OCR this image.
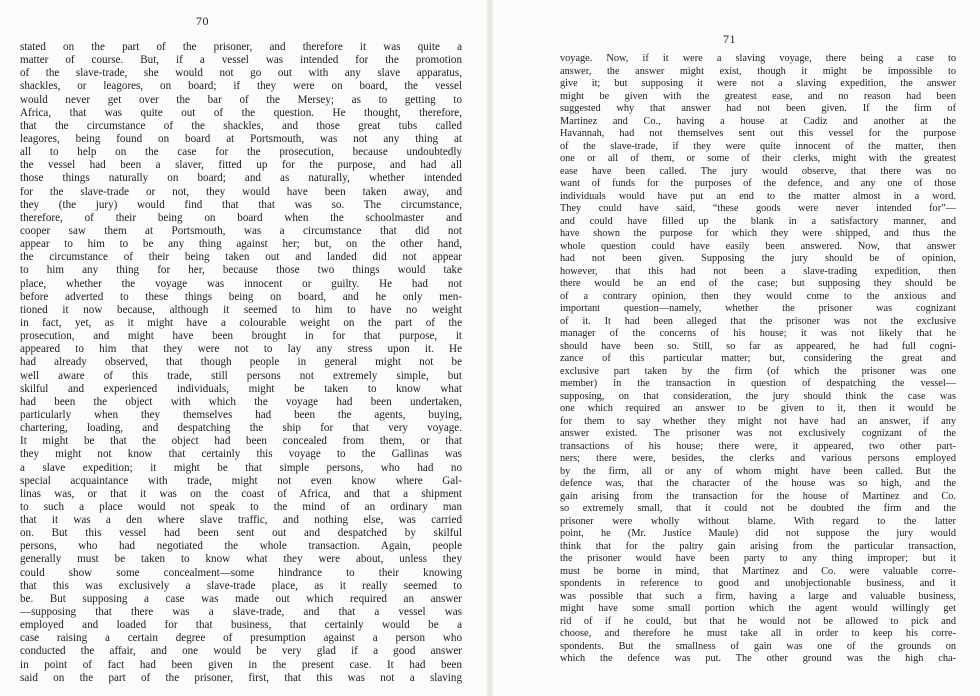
70
stated on the part of the prisoner, and therefore it was quite a
matter of course. But, if a vessel was intended for the promotion
of the slave-trade, she would not go out with any slave apparatus,
shackles, or leagores, on board; if they were on board, the vessel
would never get over the bar of the Mersey; as to getting to
Africa, that was quite out of the question. He thought, therefore,
that the circumstance of the shackles, and those great tubs called
leagores, being found on board at Portsmouth, was not any thing at
all to help on the case for the prosecution, because undoubtedly
the vessel had been a slaver, fitted up for the purpose, and had all
those things naturally on board; and as naturally, whether intended
for the slave-trade or not, they would have been taken away, and
they (the jury) would find that that was so. The circumstance,
therefore, of their being on board when the schoolmaster and
cooper saw them at Portsmouth, was a circumstance that did not
appear to him to be any thing against her; but, on the other hand,
the circumstance of their being taken out and landed did not appear
to him any thing for her, because those two things would take
place, whether the voyage was innocent or guilty. He had not
before adverted to these things being on board, and he only men-
tioned it now because, although it seemed to him to have no weight
in fact, yet, as it might have a colourable weight on the part of the
prosecution, and might have been brought in for that purpose, it
appeared to him that they were not to lay any stress upon it. He
had already observed, that though people in general might not be
well aware of this trade, still persons not extremely simple, but
skilful and experienced individuals, might be taken to know what
had been the object with which the voyage had been undertaken,
particularly when they themselves had been the agents, buying,
chartering, loading, and despatching the ship for that very voyage.
It might be that the object had been concealed from them, or that
they might not know that certainly this voyage to the Gallinas was
a slave expedition; it might be that simple persons, who had no
special acquaintance with trade, might not even know where Gal-
linas was, or that it was on the coast of Africa, and that a shipment
to such a place would not speak to the mind of an ordinary man
that it was a den where slave traffic, and nothing else, was carried
on. But this vessel had been sent out and despatched by skilful
persons, who had negotiated the whole transaction. Again, people
generally must be taken to know what they were about, unless they
could show some concealment—some hindrance to their knowing
that this was exclusively a slave-trade place, as it really seemed to
be. But supposing a case was made out which required an answer
—supposing that there was a slave-trade, and that a vessel was
employed and loaded for that business, that certainly would be a
case raising a certain degree of presumption against a person who
conducted the affair, and one would be very glad if a good answer
in point of fact had been given in the present case. It had been
said on the part of the prisoner, first, that this was not a slaving
71
voyage. Now, if it were a slaving voyage, there being a case to
answer, the answer might exist, though it might be impossible to
give it; but supposing it were not a slaving expedition, the answer
might be given with the greatest ease, and no reason had been
suggested why that answer had not been given. If the firm of
Martinez and Co., having a house at Cadiz and another at the
Havannah, had not themselves sent out this vessel for the purpose
of the slave-trade, if they were quite innocent of the matter, then
one or all of them, or some of their clerks, might with the greatest
ease have been called. The jury would observe, that there was no
want of funds for the purposes of the defence, and any one of those
individuals would have put an end to the matter almost in a word.
They could have said, “these goods were never intended for”—
and could have filled up the blank in a satisfactory manner, and
have shown the purpose for which they were shipped, and thus the
whole question could have easily been answered. Now, that answer
had not been given. Supposing the jury should be of opinion,
however, that this had not been a slave-trading expedition, then
there would be an end of the case; but supposing they should be
of a contrary opinion, then they would come to the anxious and
important question—namely, whether the prisoner was cognizant
of it. It had been alleged that the prisoner was not the exclusive
manager of the concerns of his house; it was not likely that he
should have been so. Still, so far as appeared, he had full cogni-
zance of this particular matter; but, considering the great and
exclusive part taken by the firm (of which the prisoner was one
member) in the transaction in question of despatching the vessel—
supposing, on that consideration, the jury should think the case was
one which required an answer to be given to it, then it would be
for them to say whether they might not have had an answer, if any
answer existed. The prisoner was not exclusively cognizant of the
transactions of his house; there were, it appeared, two other part-
ners; there were, besides, the clerks and various persons employed
by the firm, all or any of whom might have been called. But the
defence was, that the character of the house was so high, and the
gain arising from the transaction for the house of Martinez and Co.
so extremely small, that it could not be doubted the firm and the
prisoner were wholly without blame. With regard to the latter
point, he (Mr. Justice Maule) did not suppose the jury would
think that for the paltry gain arising from the particular transaction,
the prisoner would have been party to any thing improper; but it
must be borne in mind, that Martinez and Co. were valuable corre-
spondents in reference to good and unobjectionable business, and it
was possible that such a firm, having a large and valuable business,
might have some small portion which the agent would willingly get
rid of if he could, but that he would not be allowed to pick and
choose, and therefore he must take all in order to keep his corre-
spondents. But the smallness of gain was one of the grounds on
which the defence was put. The other ground was the high cha-
